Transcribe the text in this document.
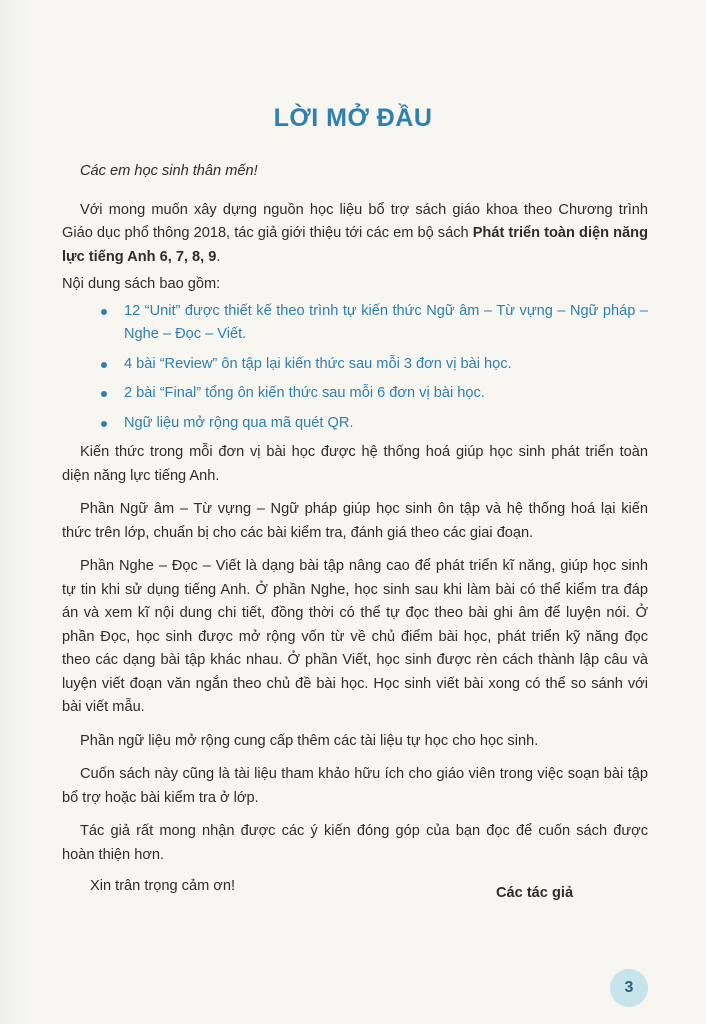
LỜI MỞ ĐẦU

Các em học sinh thân mến!

Với mong muốn xây dựng nguồn học liệu bổ trợ sách giáo khoa theo Chương trình Giáo dục phổ thông 2018, tác giả giới thiệu tới các em bộ sách Phát triển toàn diện năng lực tiếng Anh 6, 7, 8, 9.

Nội dung sách bao gồm:

12 “Unit” được thiết kế theo trình tự kiến thức Ngữ âm – Từ vựng – Ngữ pháp – Nghe – Đọc – Viết.
4 bài “Review” ôn tập lại kiến thức sau mỗi 3 đơn vị bài học.
2 bài “Final” tổng ôn kiến thức sau mỗi 6 đơn vị bài học.
Ngữ liệu mở rộng qua mã quét QR.

Kiến thức trong mỗi đơn vị bài học được hệ thống hoá giúp học sinh phát triển toàn diện năng lực tiếng Anh.

Phần Ngữ âm – Từ vựng – Ngữ pháp giúp học sinh ôn tập và hệ thống hoá lại kiến thức trên lớp, chuẩn bị cho các bài kiểm tra, đánh giá theo các giai đoạn.

Phần Nghe – Đọc – Viết là dạng bài tập nâng cao để phát triển kĩ năng, giúp học sinh tự tin khi sử dụng tiếng Anh. Ở phần Nghe, học sinh sau khi làm bài có thể kiểm tra đáp án và xem kĩ nội dung chi tiết, đồng thời có thể tự đọc theo bài ghi âm để luyện nói. Ở phần Đọc, học sinh được mở rộng vốn từ về chủ điểm bài học, phát triển kỹ năng đọc theo các dạng bài tập khác nhau. Ở phần Viết, học sinh được rèn cách thành lập câu và luyện viết đoạn văn ngắn theo chủ đề bài học. Học sinh viết bài xong có thể so sánh với bài viết mẫu.

Phần ngữ liệu mở rộng cung cấp thêm các tài liệu tự học cho học sinh.

Cuốn sách này cũng là tài liệu tham khảo hữu ích cho giáo viên trong việc soạn bài tập bổ trợ hoặc bài kiểm tra ở lớp.

Tác giả rất mong nhận được các ý kiến đóng góp của bạn đọc để cuốn sách được hoàn thiện hơn.

Xin trân trọng cảm ơn!	Các tác giả
3
